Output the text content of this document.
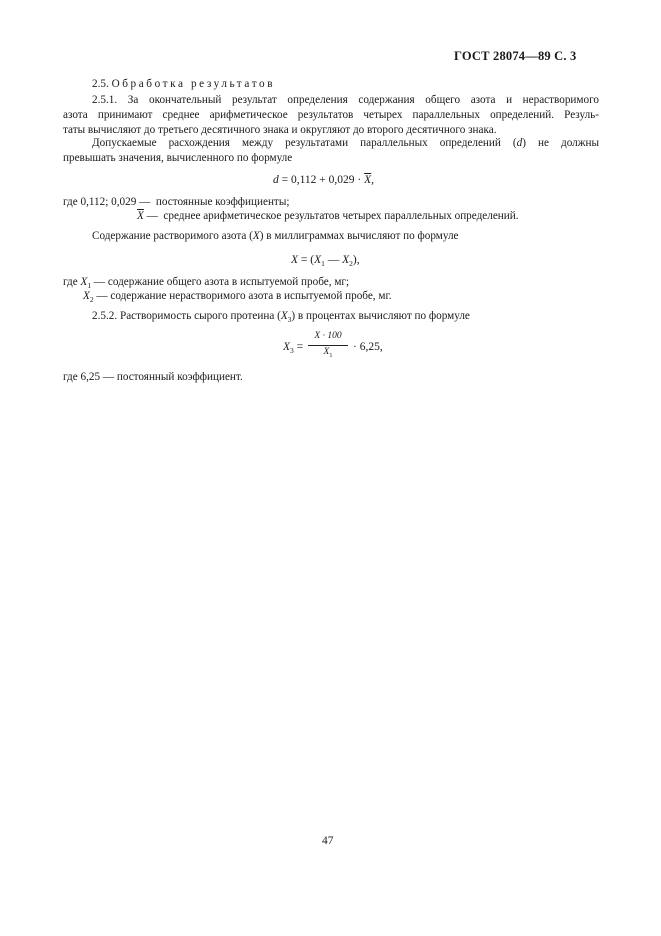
ГОСТ 28074—89 С. 3

2.5. Обработка результатов

2.5.1. За окончательный результат определения содержания общего азота и нерастворимого

азота принимают среднее арифметическое результатов четырех параллельных определений. Резуль-

таты вычисляют до третьего десятичного знака и округляют до второго десятичного знака.

Допускаемые расхождения между результатами параллельных определений (d) не должны

превышать значения, вычисленного по формуле

$d = 0,112 + 0,029 \cdot \overline{X}$,

где 0,112; 0,029 — постоянные коэффициенты;

$\overline{X}$ — среднее арифметическое результатов четырех параллельных определений.

Содержание растворимого азота (X) в миллиграммах вычисляют по формуле

$X = (X_1$ — $X_2$),

где $X_1$ — содержание общего азота в испытуемой пробе, мг;

$X_2$ — содержание нерастворимого азота в испытуемой пробе, мг.

2.5.2. Растворимость сырого протеина $(X_3)$ в процентах вычисляют по формуле

$X_3$ =

X · 100
$X_1$

· 6,25,

где 6,25 — постоянный коэффициент.

47
